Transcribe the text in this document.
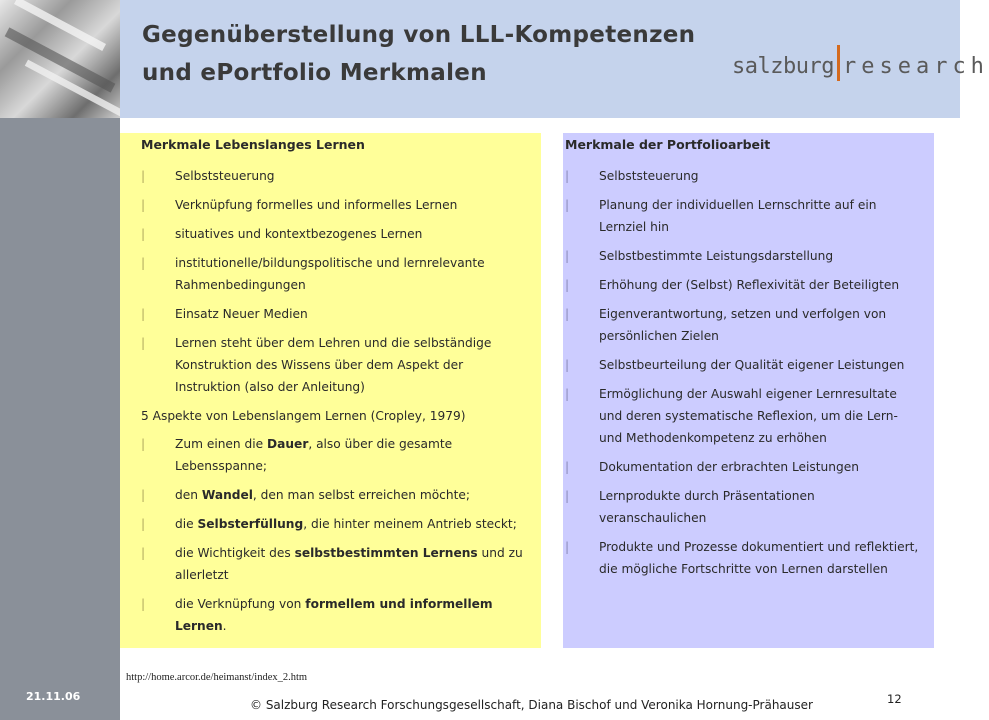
Gegenüberstellung von LLL-Kompetenzen
und ePortfolio Merkmalen	salzburg research
Merkmale Lebenslanges Lernen
| Selbststeuerung
| Verknüpfung formelles und informelles Lernen
| situatives und kontextbezogenes Lernen
| institutionelle/bildungspolitische und lernrelevante Rahmenbedingungen
| Einsatz Neuer Medien
| Lernen steht über dem Lehren und die selbständige Konstruktion des Wissens über dem Aspekt der Instruktion (also der Anleitung)
5 Aspekte von Lebenslangem Lernen (Cropley, 1979)
| Zum einen die Dauer, also über die gesamte Lebensspanne;
| den Wandel, den man selbst erreichen möchte;
| die Selbsterfüllung, die hinter meinem Antrieb steckt;
| die Wichtigkeit des selbstbestimmten Lernens und zu allerletzt
| die Verknüpfung von formellem und informellem Lernen.
Merkmale der Portfolioarbeit
| Selbststeuerung
| Planung der individuellen Lernschritte auf ein Lernziel hin
| Selbstbestimmte Leistungsdarstellung
| Erhöhung der (Selbst) Reflexivität der Beteiligten
| Eigenverantwortung, setzen und verfolgen von persönlichen Zielen
| Selbstbeurteilung der Qualität eigener Leistungen
| Ermöglichung der Auswahl eigener Lernresultate und deren systematische Reflexion, um die Lern- und Methodenkompetenz zu erhöhen
| Dokumentation der erbrachten Leistungen
| Lernprodukte durch Präsentationen veranschaulichen
| Produkte und Prozesse dokumentiert und reflektiert, die mögliche Fortschritte von Lernen darstellen
http://home.arcor.de/heimanst/index_2.htm
21.11.06	12
© Salzburg Research Forschungsgesellschaft, Diana Bischof und Veronika Hornung-Prähauser
